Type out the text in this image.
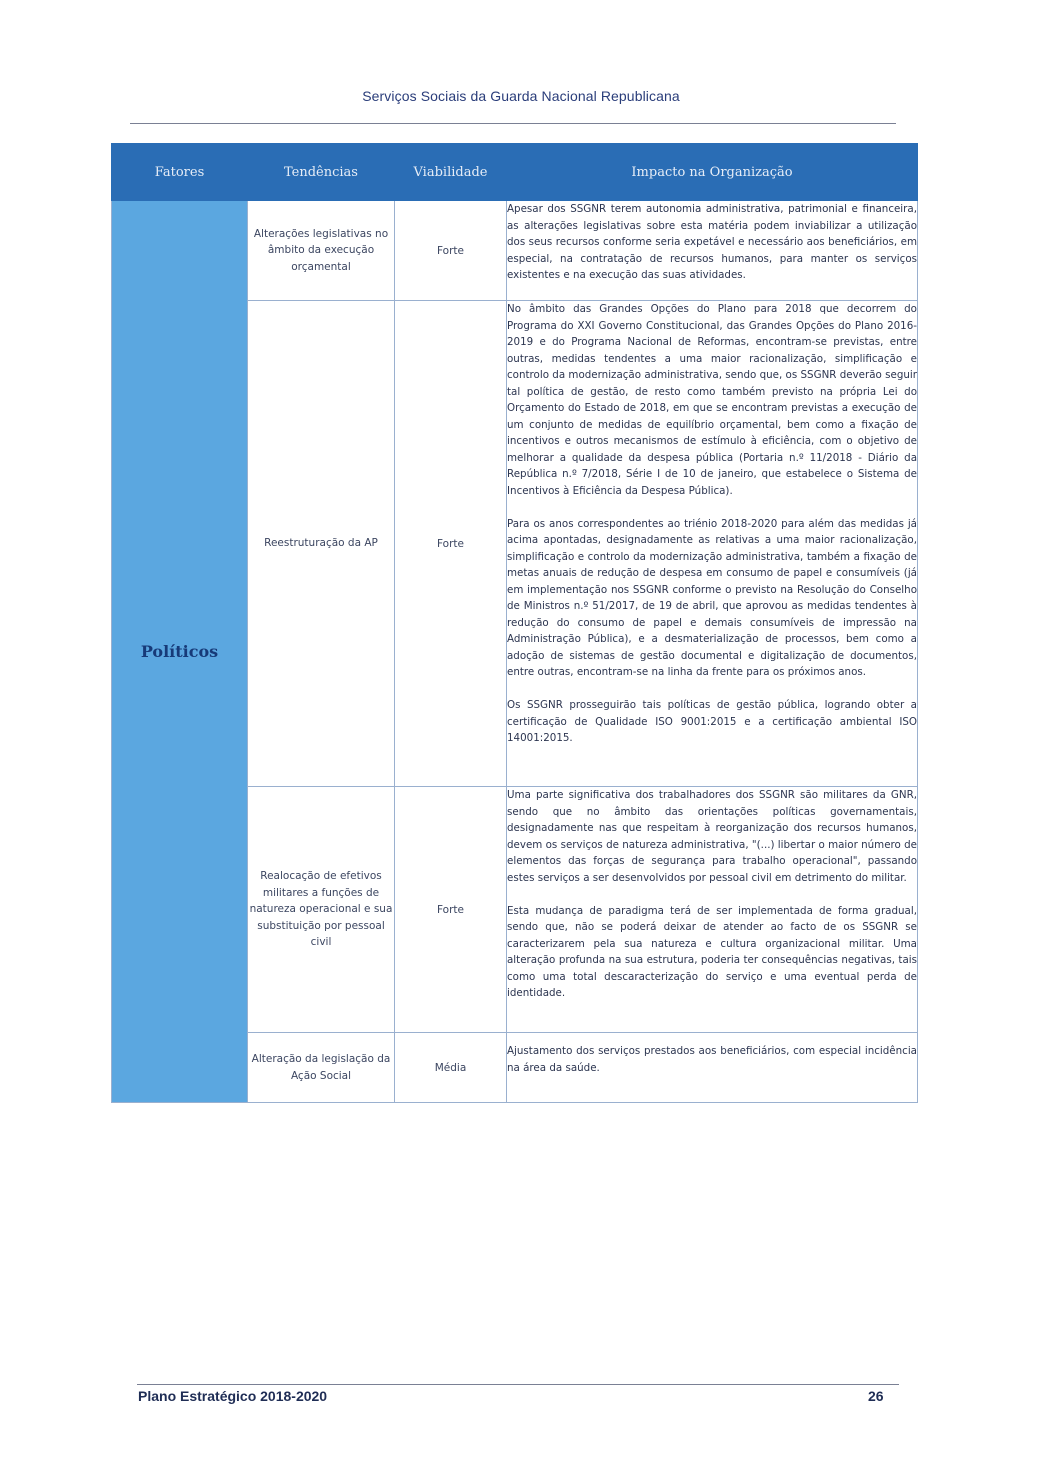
Serviços Sociais da Guarda Nacional Republicana
Fatores	Tendências	Viabilidade	Impacto na Organização
Políticos	Alterações legislativas no âmbito da execução orçamental	Forte	Apesar dos SSGNR terem autonomia administrativa, patrimonial e financeira, as alterações legislativas sobre esta matéria podem inviabilizar a utilização dos seus recursos conforme seria expetável e necessário aos beneficiários, em especial, na contratação de recursos humanos, para manter os serviços existentes e na execução das suas atividades.

	Reestruturação da AP	Forte	No âmbito das Grandes Opções do Plano para 2018 que decorrem do Programa do XXI Governo Constitucional, das Grandes Opções do Plano 2016-2019 e do Programa Nacional de Reformas, encontram-se previstas, entre outras, medidas tendentes a uma maior racionalização, simplificação e controlo da modernização administrativa, sendo que, os SSGNR deverão seguir tal política de gestão, de resto como também previsto na própria Lei do Orçamento do Estado de 2018, em que se encontram previstas a execução de um conjunto de medidas de equilíbrio orçamental, bem como a fixação de incentivos e outros mecanismos de estímulo à eficiência, com o objetivo de melhorar a qualidade da despesa pública (Portaria n.º 11/2018 - Diário da República n.º 7/2018, Série I de 10 de janeiro, que estabelece o Sistema de Incentivos à Eficiência da Despesa Pública).

Para os anos correspondentes ao triénio 2018-2020 para além das medidas já acima apontadas, designadamente as relativas a uma maior racionalização, simplificação e controlo da modernização administrativa, também a fixação de metas anuais de redução de despesa em consumo de papel e consumíveis (já em implementação nos SSGNR conforme o previsto na Resolução do Conselho de Ministros n.º 51/2017, de 19 de abril, que aprovou as medidas tendentes à redução do consumo de papel e demais consumíveis de impressão na Administração Pública), e a desmaterialização de processos, bem como a adoção de sistemas de gestão documental e digitalização de documentos, entre outras, encontram-se na linha da frente para os próximos anos.

Os SSGNR prosseguirão tais políticas de gestão pública, logrando obter a certificação de Qualidade ISO 9001:2015 e a certificação ambiental ISO 14001:2015.

	Realocação de efetivos militares a funções de natureza operacional e sua substituição por pessoal civil	Forte	Uma parte significativa dos trabalhadores dos SSGNR são militares da GNR, sendo que no âmbito das orientações políticas governamentais, designadamente nas que respeitam à reorganização dos recursos humanos, devem os serviços de natureza administrativa, "(...) libertar o maior número de elementos das forças de segurança para trabalho operacional", passando estes serviços a ser desenvolvidos por pessoal civil em detrimento do militar.

Esta mudança de paradigma terá de ser implementada de forma gradual, sendo que, não se poderá deixar de atender ao facto de os SSGNR se caracterizarem pela sua natureza e cultura organizacional militar. Uma alteração profunda na sua estrutura, poderia ter consequências negativas, tais como uma total descaracterização do serviço e uma eventual perda de identidade.

	Alteração da legislação da Ação Social	Média	Ajustamento dos serviços prestados aos beneficiários, com especial incidência na área da saúde.

Plano Estratégico 2018-2020	26
